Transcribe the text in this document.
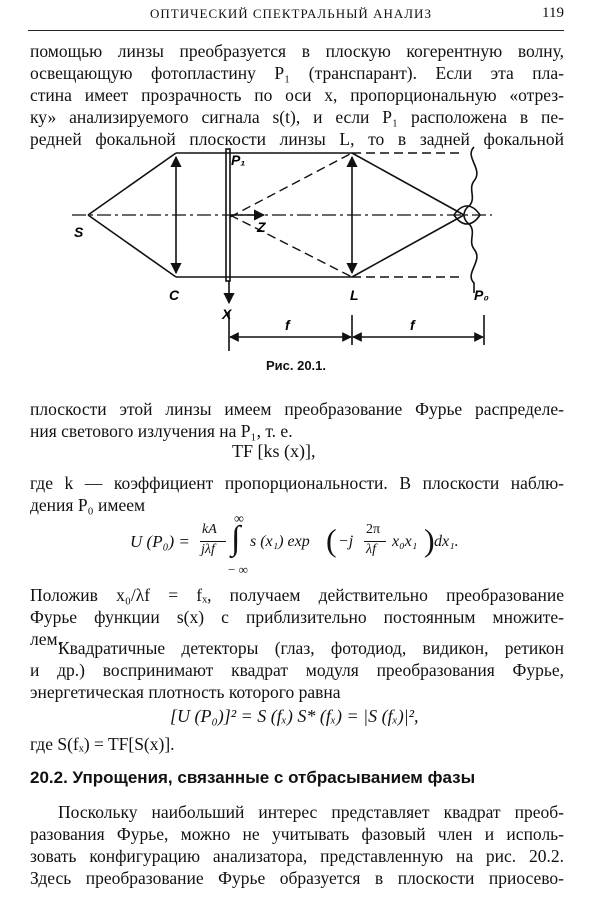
ОПТИЧЕСКИЙ СПЕКТРАЛЬНЫЙ АНАЛИЗ	119
помощью линзы преобразуется в плоскую когерентную волну,
освещающую фотопластину P₁ (транспарант). Если эта пла-
стина имеет прозрачность по оси x, пропорциональную «отрез-
ку» анализируемого сигнала s(t), и если P₁ расположена в пе-
редней фокальной плоскости линзы L, то в задней фокальной
S
C
P₁
Z
X
L	P₀
f	f
Рис. 20.1.
плоскости этой линзы имеем преобразование Фурье распределе-
ния светового излучения на P₁, т. е.
TF [ks (x)],
где k — коэффициент пропорциональности. В плоскости наблю-
дения P₀ имеем
U (P₀) =
kA
jλf
∞
∫
− ∞
s (x₁) exp ( −j
2π
λf x₀x₁ ) dx₁.
Положив x₀/λf = fₓ, получаем действительно преобразование
Фурье функции s(x) с приблизительно постоянным множите-
лем.
Квадратичные детекторы (глаз, фотодиод, видикон, ретикон
и др.) воспринимают квадрат модуля преобразования Фурье,
энергетическая плотность которого равна
[U (P₀)]² = S (fₓ) S* (fₓ) = |S (fₓ)|²,
где S(fₓ) = TF[S(x)].
20.2. Упрощения, связанные с отбрасыванием фазы
Поскольку наибольший интерес представляет квадрат преоб-
разования Фурье, можно не учитывать фазовый член и исполь-
зовать конфигурацию анализатора, представленную на рис. 20.2.
Здесь преобразование Фурье образуется в плоскости приосево-
